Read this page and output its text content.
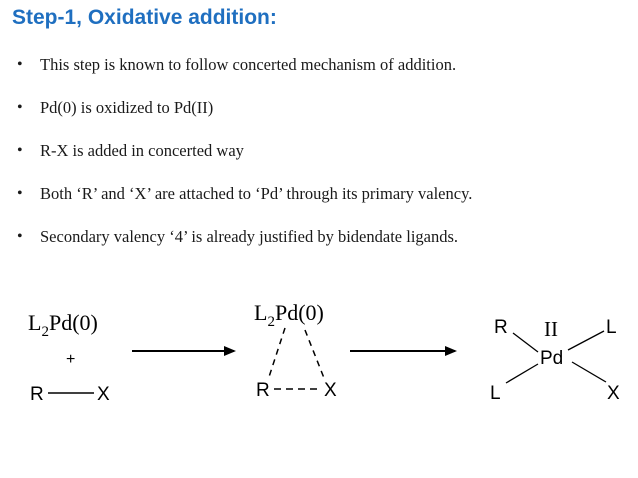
Step-1, Oxidative addition:
• This step is known to follow concerted mechanism of addition.
• Pd(0) is oxidized to Pd(II)
• R-X is added in concerted way
• Both ‘R’ and ‘X’ are attached to ‘Pd’ through its primary valency.
• Secondary valency ‘4’ is already justified by bidendate ligands.
$L_2Pd(0)$
+
R	X
$L_2Pd(0)$
R	X
R II	L
Pd
L	X
